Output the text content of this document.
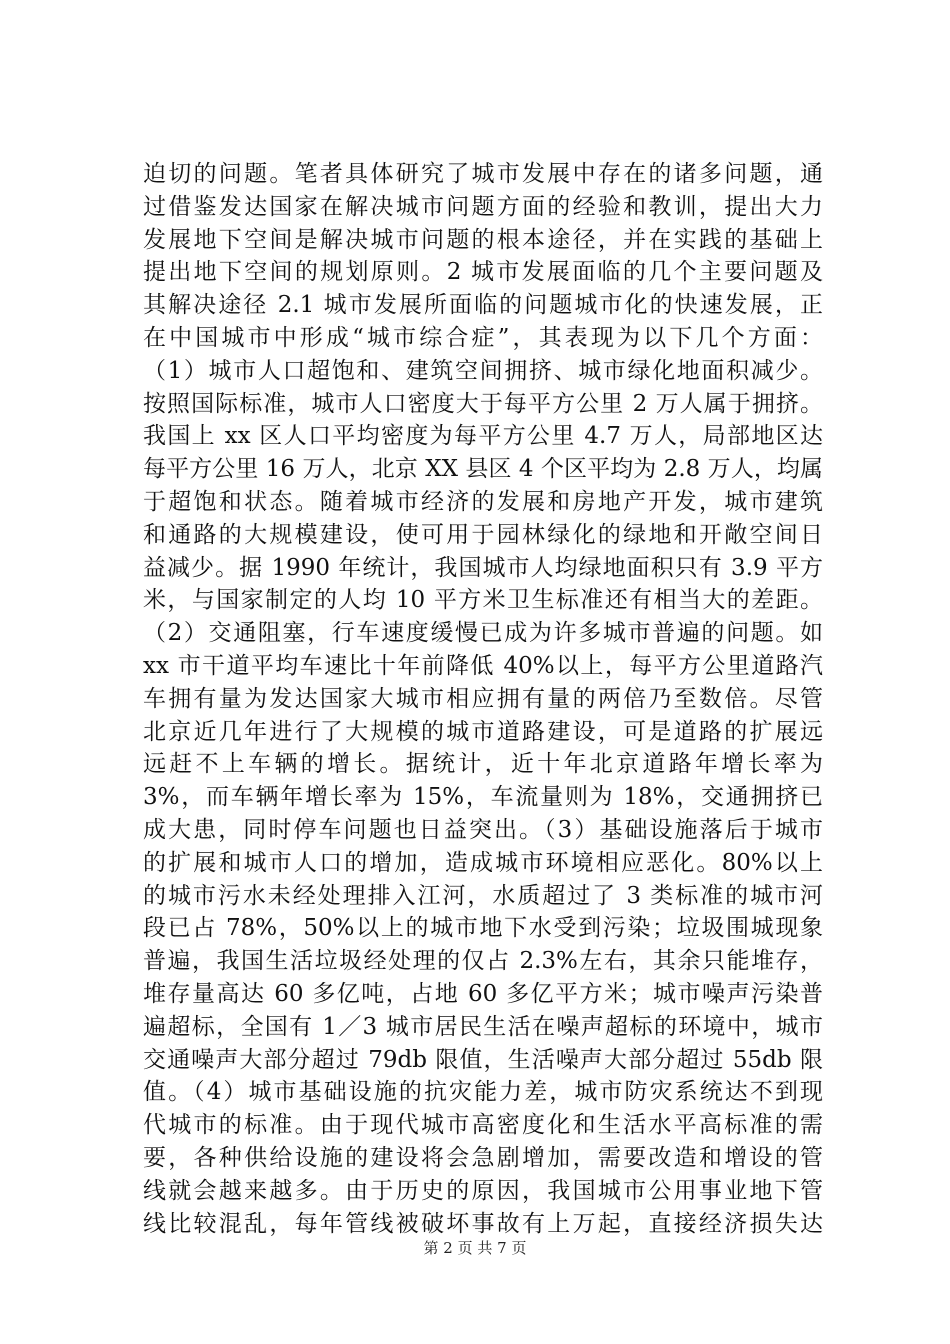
迫切的问题。笔者具体研究了城市发展中存在的诸多问题，通
过借鉴发达国家在解决城市问题方面的经验和教训，提出大力
发展地下空间是解决城市问题的根本途径，并在实践的基础上
提出地下空间的规划原则。2 城市发展面临的几个主要问题及
其解决途径 2.1 城市发展所面临的问题城市化的快速发展，正
在中国城市中形成“城市综合症”，其表现为以下几个方面：
（1）城市人口超饱和、建筑空间拥挤、城市绿化地面积减少。
按照国际标准，城市人口密度大于每平方公里 2 万人属于拥挤。
我国上 xx 区人口平均密度为每平方公里 4.7 万人，局部地区达
每平方公里 16 万人，北京 XX 县区 4 个区平均为 2.8 万人，均属
于超饱和状态。随着城市经济的发展和房地产开发，城市建筑
和通路的大规模建设，使可用于园林绿化的绿地和开敞空间日
益减少。据 1990 年统计，我国城市人均绿地面积只有 3.9 平方
米，与国家制定的人均 10 平方米卫生标准还有相当大的差距。
（2）交通阻塞，行车速度缓慢已成为许多城市普遍的问题。如
xx 市干道平均车速比十年前降低 40%以上，每平方公里道路汽
车拥有量为发达国家大城市相应拥有量的两倍乃至数倍。尽管
北京近几年进行了大规模的城市道路建设，可是道路的扩展远
远赶不上车辆的增长。据统计，近十年北京道路年增长率为
3%，而车辆年增长率为 15%，车流量则为 18%，交通拥挤已
成大患，同时停车问题也日益突出。（3）基础设施落后于城市
的扩展和城市人口的增加，造成城市环境相应恶化。80%以上
的城市污水未经处理排入江河，水质超过了 3 类标准的城市河
段已占 78%，50%以上的城市地下水受到污染；垃圾围城现象
普遍，我国生活垃圾经处理的仅占 2.3%左右，其余只能堆存，
堆存量高达 60 多亿吨，占地 60 多亿平方米；城市噪声污染普
遍超标，全国有 1／3 城市居民生活在噪声超标的环境中，城市
交通噪声大部分超过 79db 限值，生活噪声大部分超过 55db 限
值。（4）城市基础设施的抗灾能力差，城市防灾系统达不到现
代城市的标准。由于现代城市高密度化和生活水平高标准的需
要，各种供给设施的建设将会急剧增加，需要改造和增设的管
线就会越来越多。由于历史的原因，我国城市公用事业地下管
线比较混乱，每年管线被破坏事故有上万起，直接经济损失达
第 2 页 共 7 页
